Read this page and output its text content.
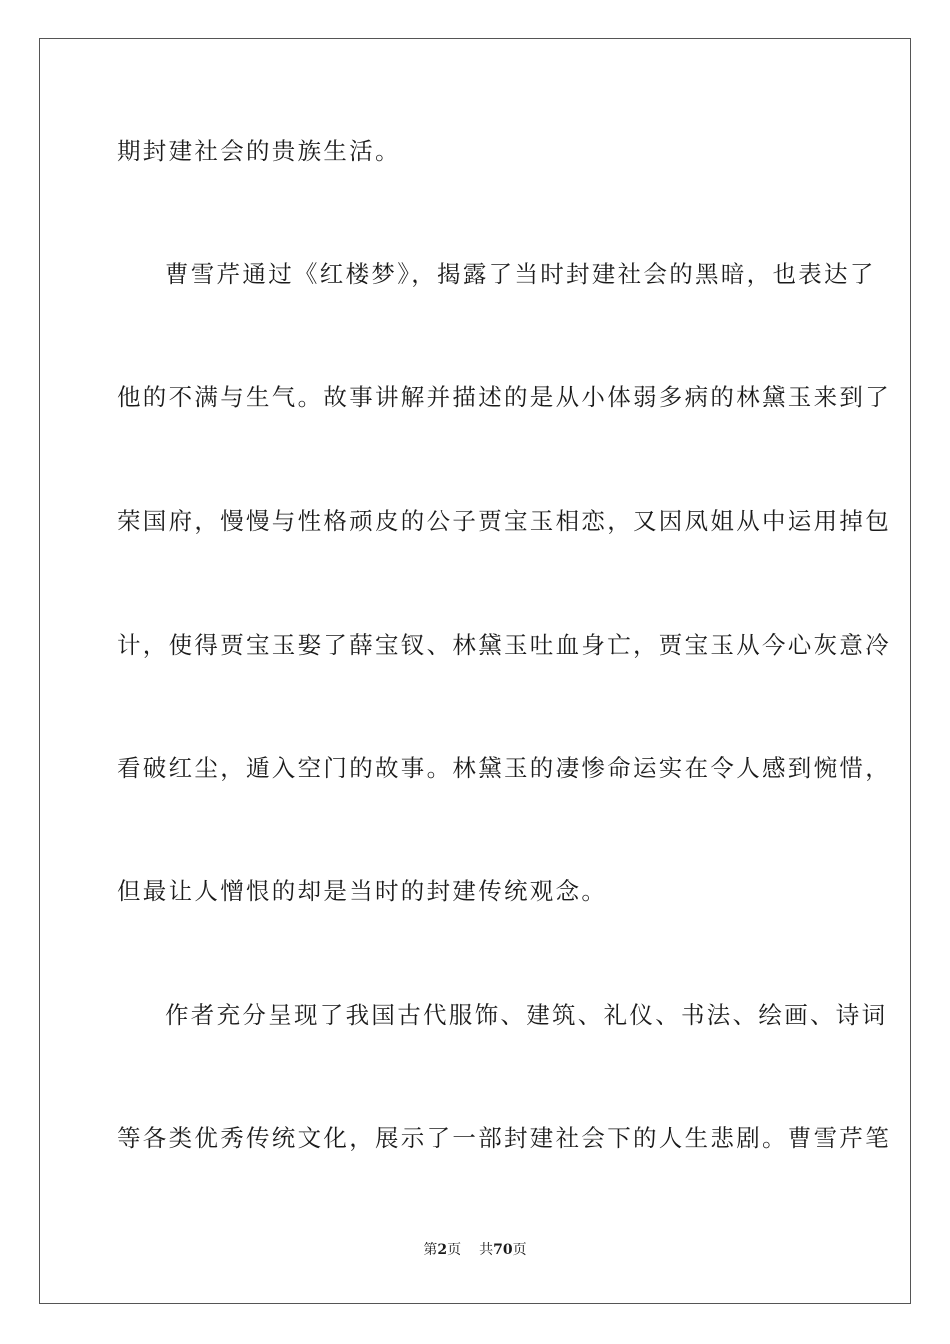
期封建社会的贵族生活。
曹雪芹通过《红楼梦》，揭露了当时封建社会的黑暗，也表达了
他的不满与生气。故事讲解并描述的是从小体弱多病的林黛玉来到了
荣国府，慢慢与性格顽皮的公子贾宝玉相恋，又因凤姐从中运用掉包
计，使得贾宝玉娶了薛宝钗、林黛玉吐血身亡，贾宝玉从今心灰意冷
看破红尘，遁入空门的故事。林黛玉的凄惨命运实在令人感到惋惜，
但最让人憎恨的却是当时的封建传统观念。
作者充分呈现了我国古代服饰、建筑、礼仪、书法、绘画、诗词
等各类优秀传统文化，展示了一部封建社会下的人生悲剧。曹雪芹笔
第2页 共70页
